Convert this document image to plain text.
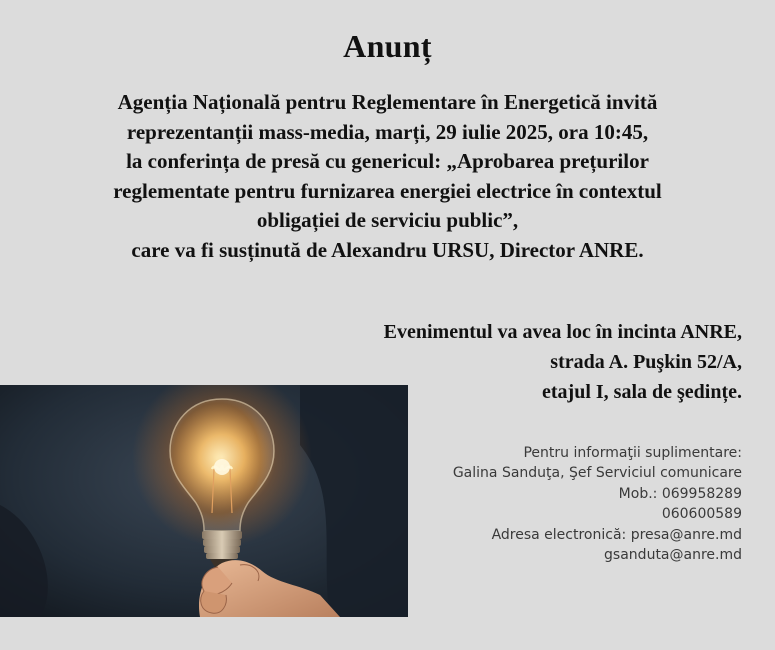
Anunț
Agenția Națională pentru Reglementare în Energetică invită
reprezentanții mass-media, marți, 29 iulie 2025, ora 10:45,
la conferința de presă cu genericul: „Aprobarea prețurilor
reglementate pentru furnizarea energiei electrice în contextul
obligației de serviciu public”,
care va fi susținută de Alexandru URSU, Director ANRE.
Evenimentul va avea loc în incinta ANRE,
strada A. Puşkin 52/A,
etajul I, sala de şedințe.
Pentru informaţii suplimentare:
Galina Sanduţa, Şef Serviciul comunicare
Mob.: 069958289
060600589
Adresa electronică: presa@anre.md
gsanduta@anre.md
